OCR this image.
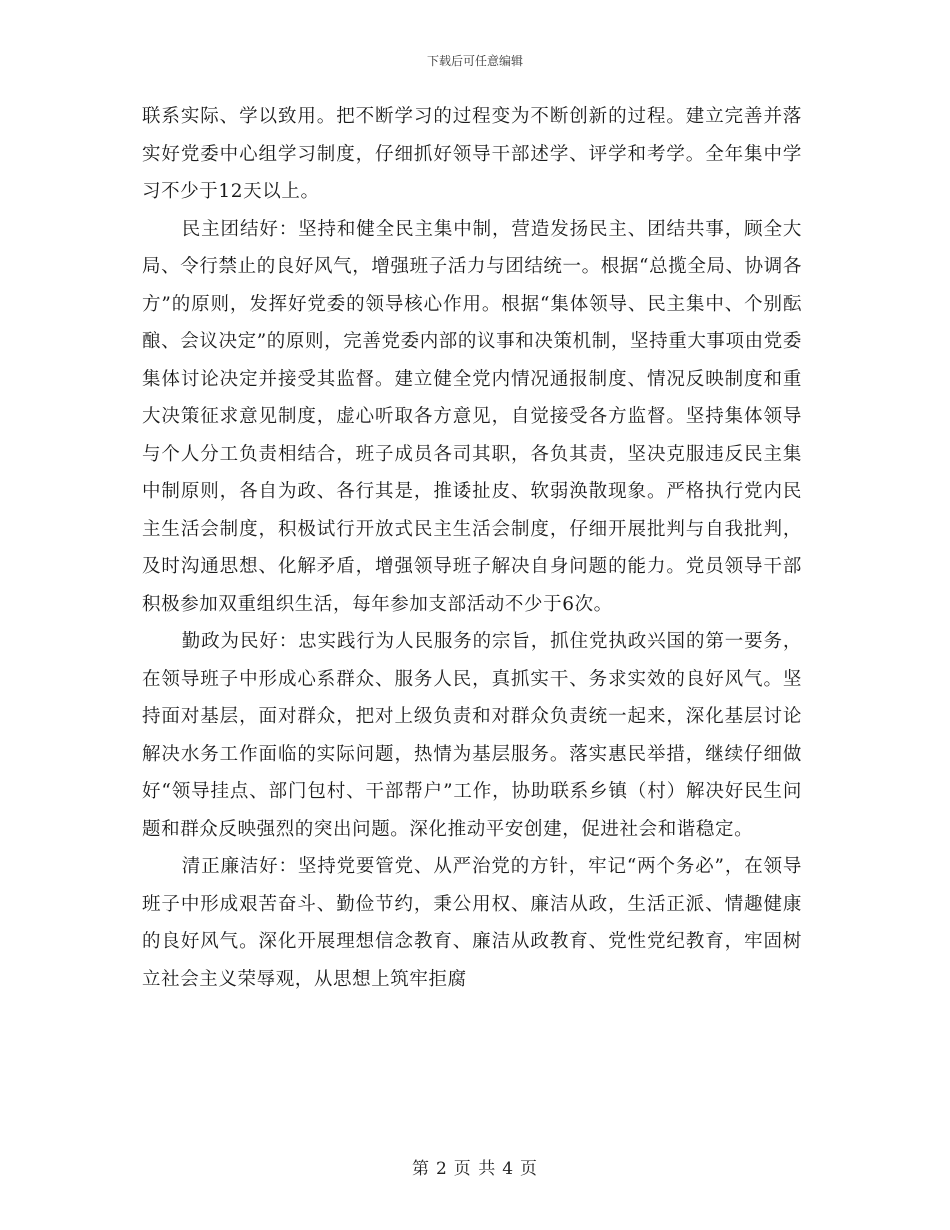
下载后可任意编辑

联系实际、学以致用。把不断学习的过程变为不断创新的过程。建立完善并落实好党委中心组学习制度，仔细抓好领导干部述学、评学和考学。全年集中学习不少于12天以上。

民主团结好：坚持和健全民主集中制，营造发扬民主、团结共事，顾全大局、令行禁止的良好风气，增强班子活力与团结统一。根据“总揽全局、协调各方”的原则，发挥好党委的领导核心作用。根据“集体领导、民主集中、个别酝酿、会议决定”的原则，完善党委内部的议事和决策机制，坚持重大事项由党委集体讨论决定并接受其监督。建立健全党内情况通报制度、情况反映制度和重大决策征求意见制度，虚心听取各方意见，自觉接受各方监督。坚持集体领导与个人分工负责相结合，班子成员各司其职，各负其责，坚决克服违反民主集中制原则，各自为政、各行其是，推诿扯皮、软弱涣散现象。严格执行党内民主生活会制度，积极试行开放式民主生活会制度，仔细开展批判与自我批判，及时沟通思想、化解矛盾，增强领导班子解决自身问题的能力。党员领导干部积极参加双重组织生活，每年参加支部活动不少于6次。

勤政为民好：忠实践行为人民服务的宗旨，抓住党执政兴国的第一要务，在领导班子中形成心系群众、服务人民，真抓实干、务求实效的良好风气。坚持面对基层，面对群众，把对上级负责和对群众负责统一起来，深化基层讨论解决水务工作面临的实际问题，热情为基层服务。落实惠民举措，继续仔细做好“领导挂点、部门包村、干部帮户”工作，协助联系乡镇（村）解决好民生问题和群众反映强烈的突出问题。深化推动平安创建，促进社会和谐稳定。

清正廉洁好：坚持党要管党、从严治党的方针，牢记“两个务必”，在领导班子中形成艰苦奋斗、勤俭节约，秉公用权、廉洁从政，生活正派、情趣健康的良好风气。深化开展理想信念教育、廉洁从政教育、党性党纪教育，牢固树立社会主义荣辱观，从思想上筑牢拒腐

第 2 页 共 4 页
